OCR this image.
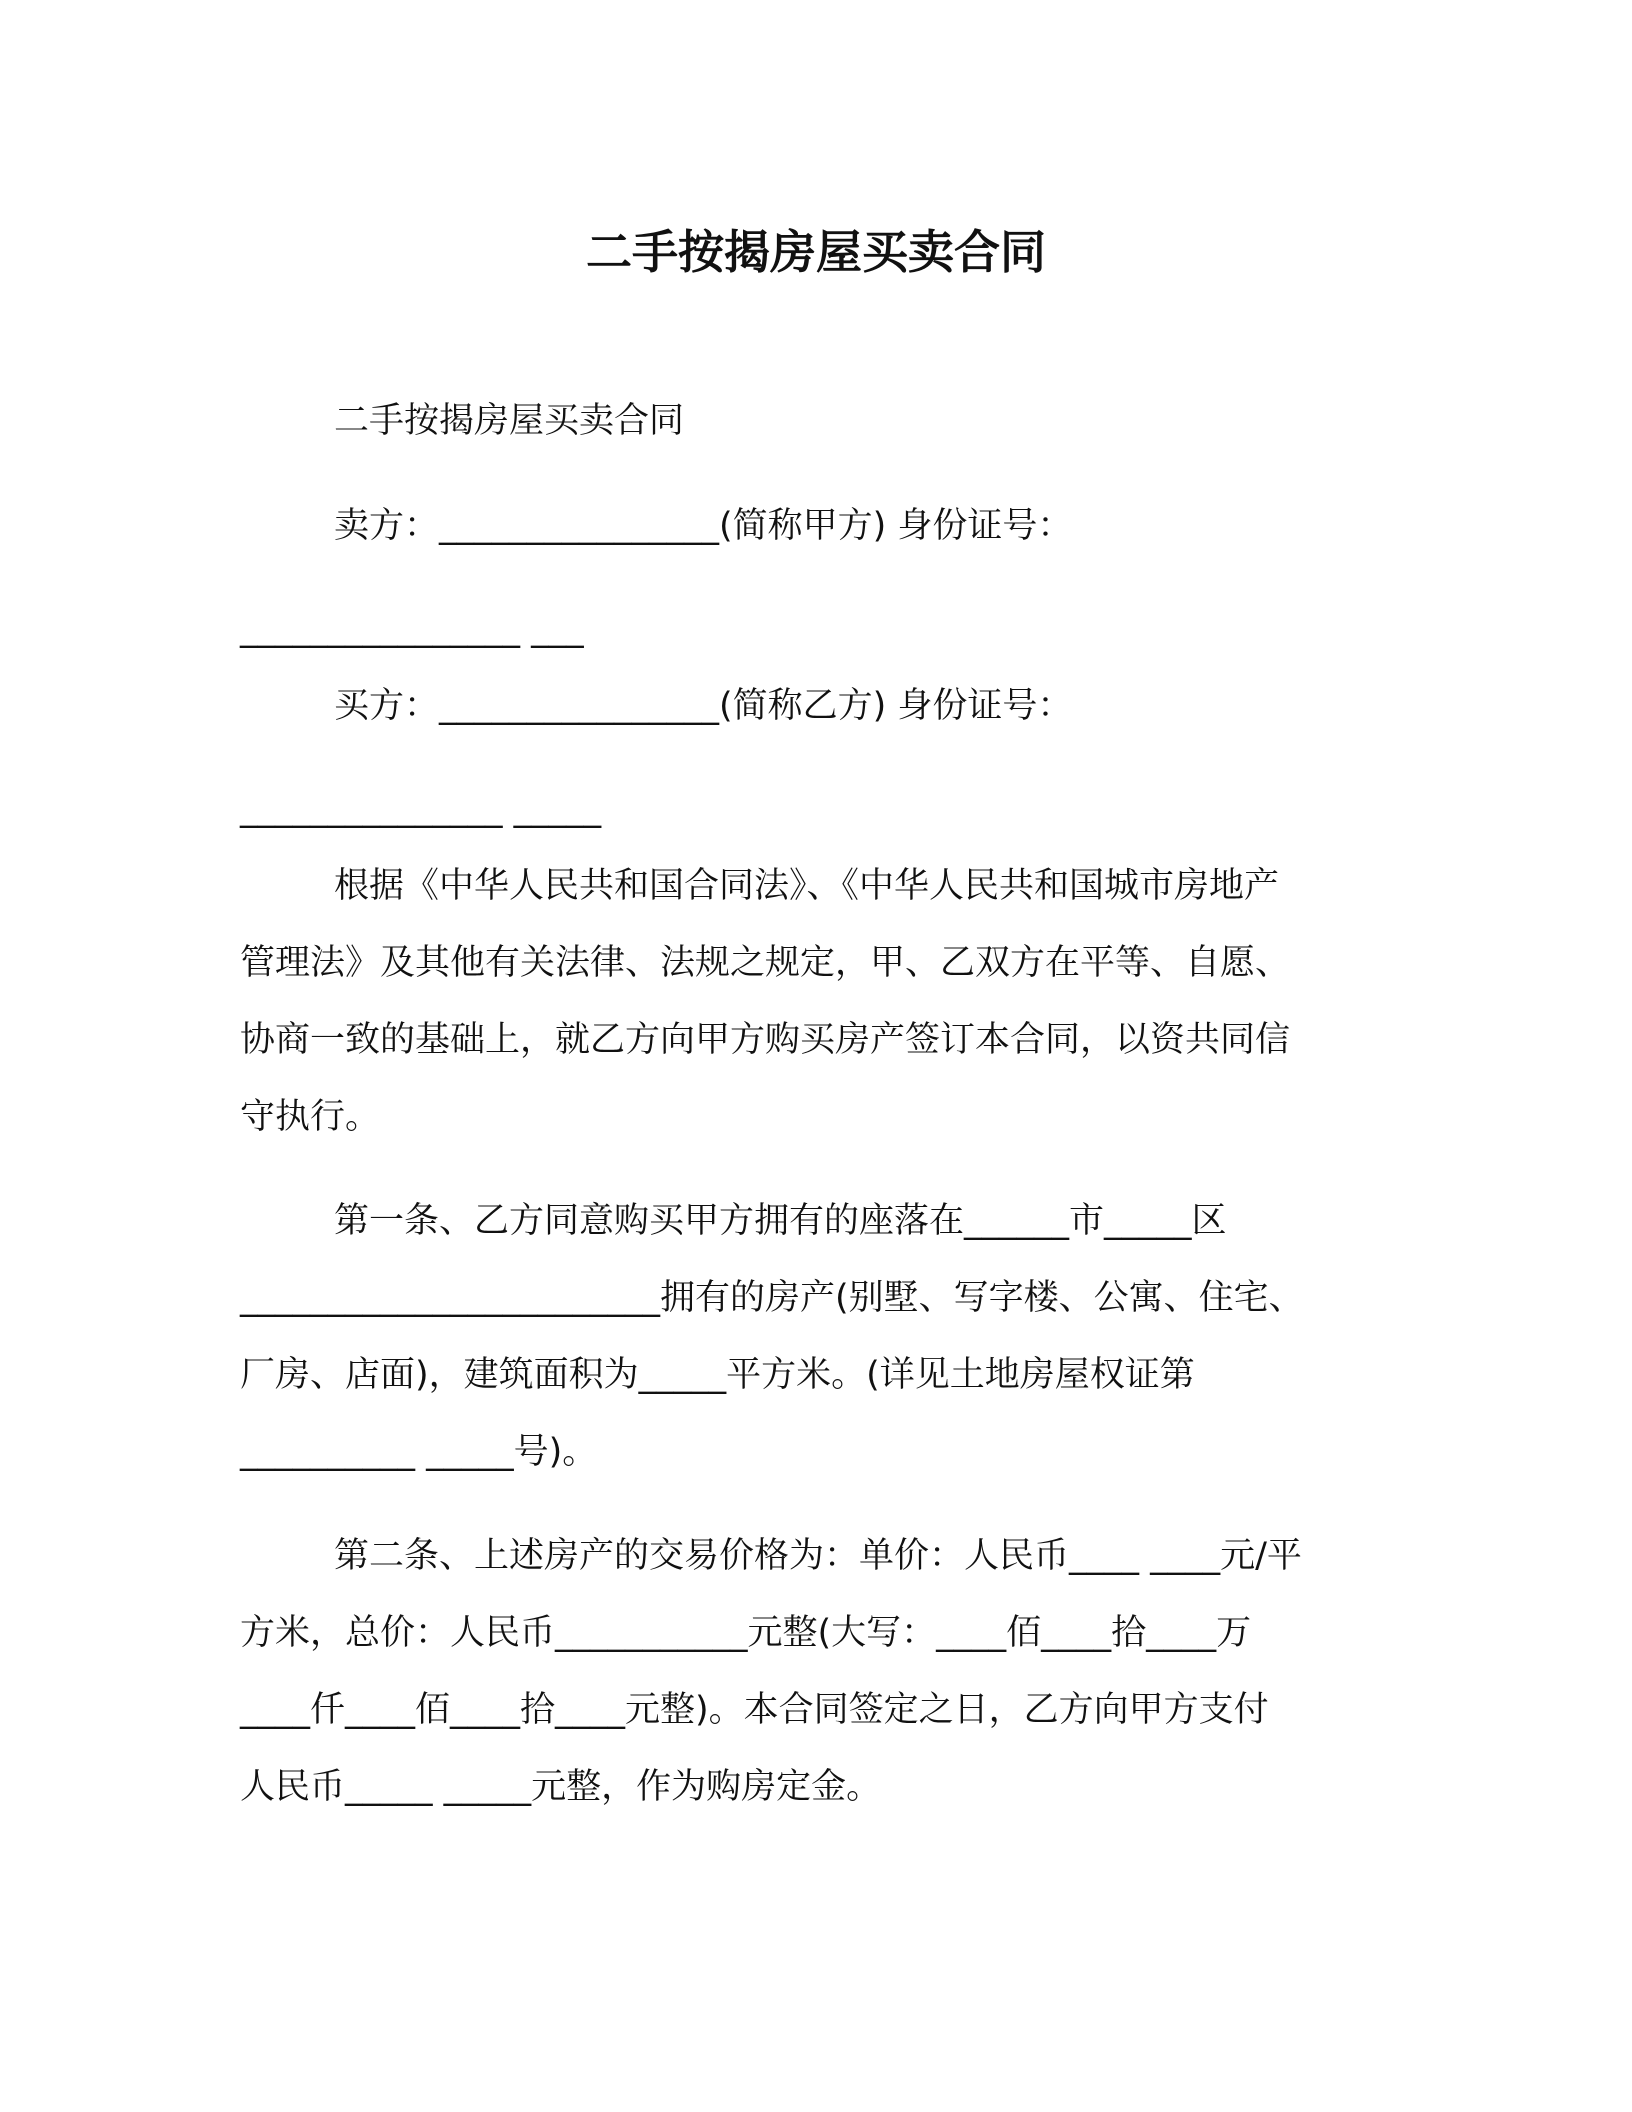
二手按揭房屋买卖合同

二手按揭房屋买卖合同

卖方：________________(简称甲方) 身份证号：

________________ ___

买方：________________(简称乙方) 身份证号：

_______________ _____

根据《中华人民共和国合同法》、《中华人民共和国城市房地产

管理法》及其他有关法律、法规之规定，甲、乙双方在平等、自愿、

协商一致的基础上，就乙方向甲方购买房产签订本合同，以资共同信

守执行。

第一条、乙方同意购买甲方拥有的座落在______市_____区

________________________拥有的房产(别墅、写字楼、公寓、住宅、

厂房、店面)，建筑面积为_____平方米。(详见土地房屋权证第

__________ _____号)。

第二条、上述房产的交易价格为：单价：人民币____ ____元/平

方米，总价：人民币___________元整(大写：____佰____拾____万

____仟____佰____拾____元整)。本合同签定之日，乙方向甲方支付

人民币_____ _____元整，作为购房定金。
